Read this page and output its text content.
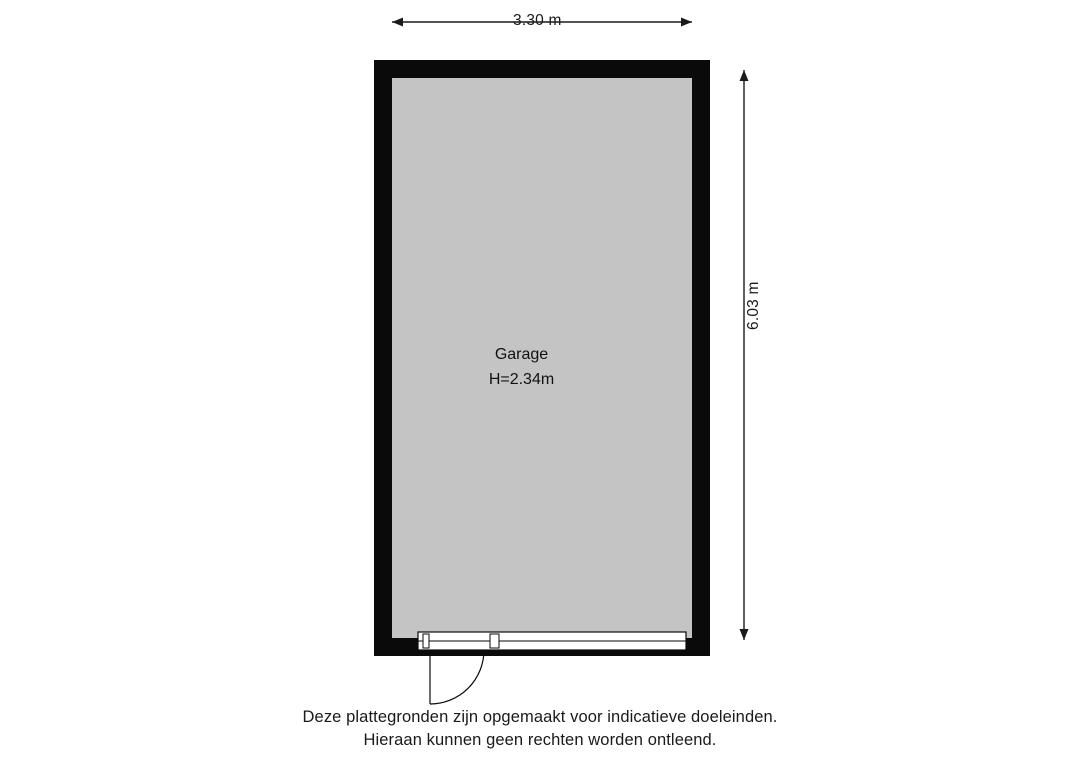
3.30 m
6.03 m
Garage
H=2.34m
Deze plattegronden zijn opgemaakt voor indicatieve doeleinden.
Hieraan kunnen geen rechten worden ontleend.
